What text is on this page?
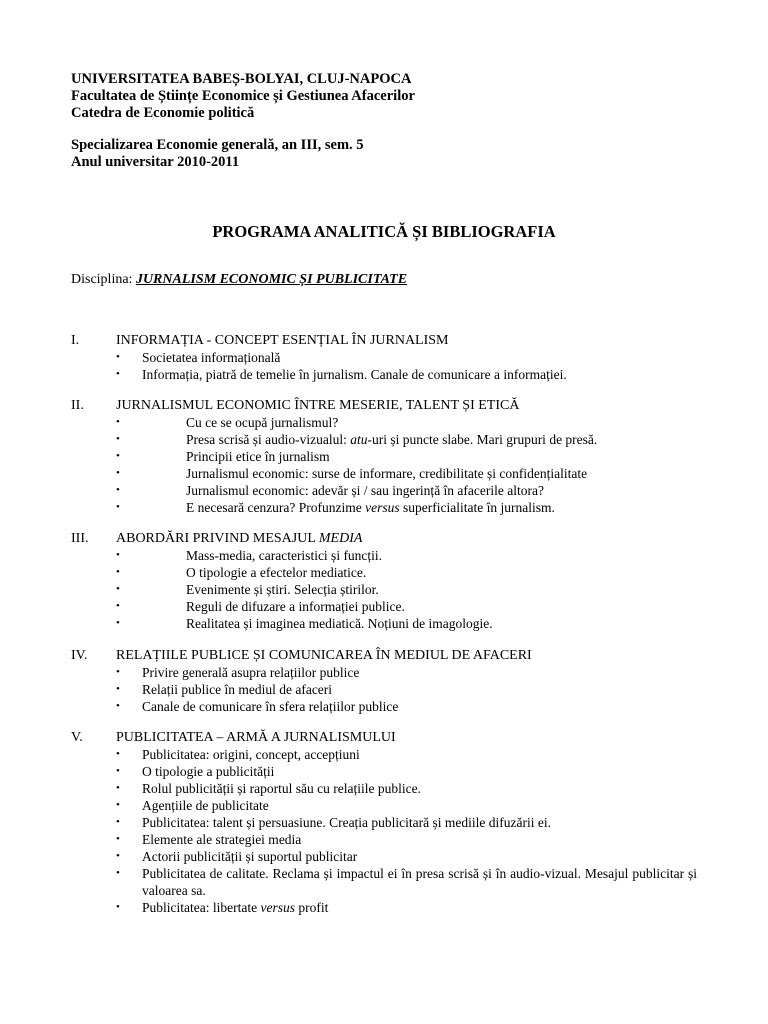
UNIVERSITATEA BABEȘ-BOLYAI, CLUJ-NAPOCA
Facultatea de Științe Economice și Gestiunea Afacerilor
Catedra de Economie politică
Specializarea Economie generală, an III, sem. 5
Anul universitar 2010-2011
PROGRAMA ANALITICĂ ȘI BIBLIOGRAFIA
Disciplina: JURNALISM ECONOMIC ȘI PUBLICITATE
I.	INFORMAȚIA - CONCEPT ESENȚIAL ÎN JURNALISM
• Societatea informațională
• Informația, piatră de temelie în jurnalism. Canale de comunicare a informației.
II. JURNALISMUL ECONOMIC ÎNTRE MESERIE, TALENT ȘI ETICĂ
•	Cu ce se ocupă jurnalismul?
•	Presa scrisă și audio-vizualul: atu-uri și puncte slabe. Mari grupuri de presă.
•	Principii etice în jurnalism
•	Jurnalismul economic: surse de informare, credibilitate și confidențialitate
•	Jurnalismul economic: adevăr și / sau ingerință în afacerile altora?
•	E necesară cenzura? Profunzime versus superficialitate în jurnalism.
III. ABORDĂRI PRIVIND MESAJUL MEDIA
•	Mass-media, caracteristici și funcții.
•	O tipologie a efectelor mediatice.
•	Evenimente și știri. Selecția știrilor.
•	Reguli de difuzare a informației publice.
•	Realitatea și imaginea mediatică. Noțiuni de imagologie.
IV. RELAȚIILE PUBLICE ȘI COMUNICAREA ÎN MEDIUL DE AFACERI
• Privire generală asupra relațiilor publice
• Relații publice în mediul de afaceri
• Canale de comunicare în sfera relațiilor publice
V. PUBLICITATEA – ARMĂ A JURNALISMULUI
• Publicitatea: origini, concept, accepțiuni
• O tipologie a publicității
• Rolul publicității și raportul său cu relațiile publice.
• Agențiile de publicitate
• Publicitatea: talent și persuasiune. Creația publicitară și mediile difuzării ei.
• Elemente ale strategiei media
• Actorii publicității și suportul publicitar
• Publicitatea de calitate. Reclama și impactul ei în presa scrisă și în audio-vizual. Mesajul publicitar și valoarea sa.
• Publicitatea: libertate versus profit
